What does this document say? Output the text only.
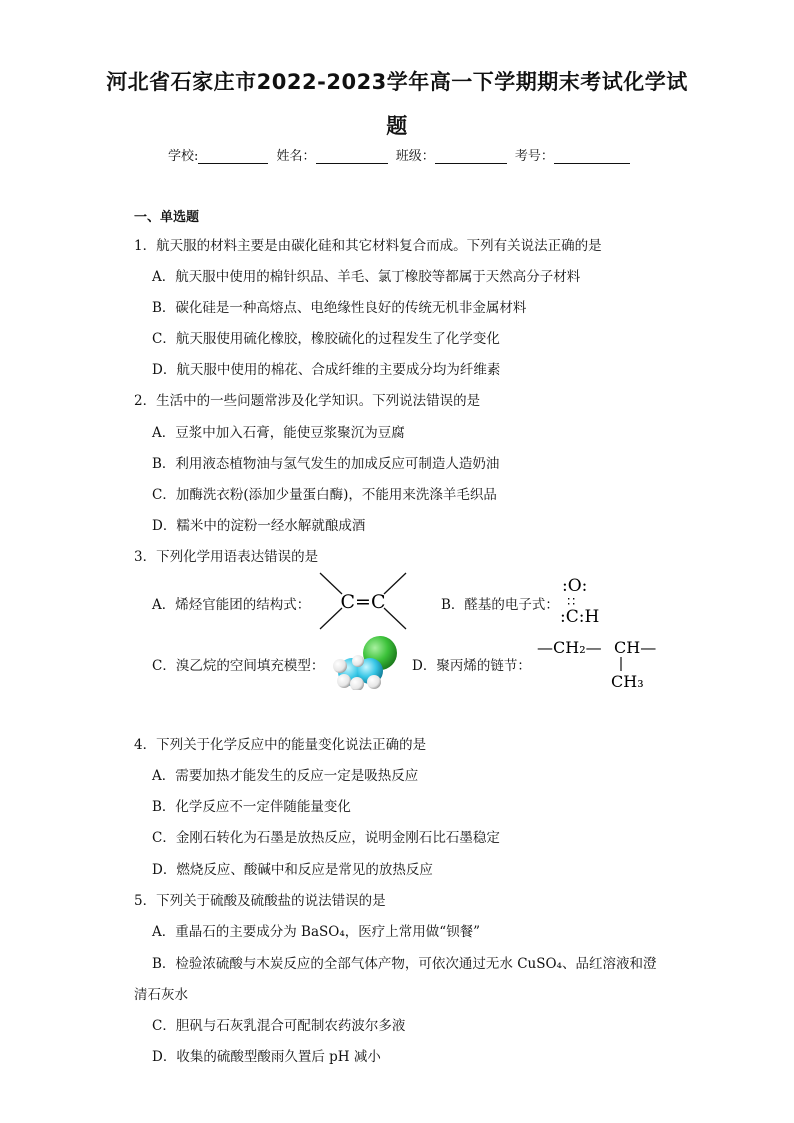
河北省石家庄市2022-2023学年高一下学期期末考试化学试
题
学校:	姓名：	班级：	考号：
一、单选题
1．航天服的材料主要是由碳化硅和其它材料复合而成。下列有关说法正确的是
A．航天服中使用的棉针织品、羊毛、氯丁橡胶等都属于天然高分子材料
B．碳化硅是一种高熔点、电绝缘性良好的传统无机非金属材料
C．航天服使用硫化橡胶，橡胶硫化的过程发生了化学变化
D．航天服中使用的棉花、合成纤维的主要成分均为纤维素
2．生活中的一些问题常涉及化学知识。下列说法错误的是
A．豆浆中加入石膏，能使豆浆聚沉为豆腐
B．利用液态植物油与氢气发生的加成反应可制造人造奶油
C．加酶洗衣粉(添加少量蛋白酶)，不能用来洗涤羊毛织品
D．糯米中的淀粉一经水解就酿成酒
3．下列化学用语表达错误的是
A．烯烃官能团的结构式： C=C	B．醛基的电子式：
:O:
∶ ∶
:C:H
C．溴乙烷的空间填充模型：	D．聚丙烯的链节：
—CH₂— CH—
CH₃
4．下列关于化学反应中的能量变化说法正确的是
A．需要加热才能发生的反应一定是吸热反应
B．化学反应不一定伴随能量变化
C．金刚石转化为石墨是放热反应，说明金刚石比石墨稳定
D．燃烧反应、酸碱中和反应是常见的放热反应
5．下列关于硫酸及硫酸盐的说法错误的是
A．重晶石的主要成分为 BaSO₄，医疗上常用做“钡餐”
B．检验浓硫酸与木炭反应的全部气体产物，可依次通过无水 CuSO₄、品红溶液和澄
清石灰水
C．胆矾与石灰乳混合可配制农药波尔多液
D．收集的硫酸型酸雨久置后 pH 减小
